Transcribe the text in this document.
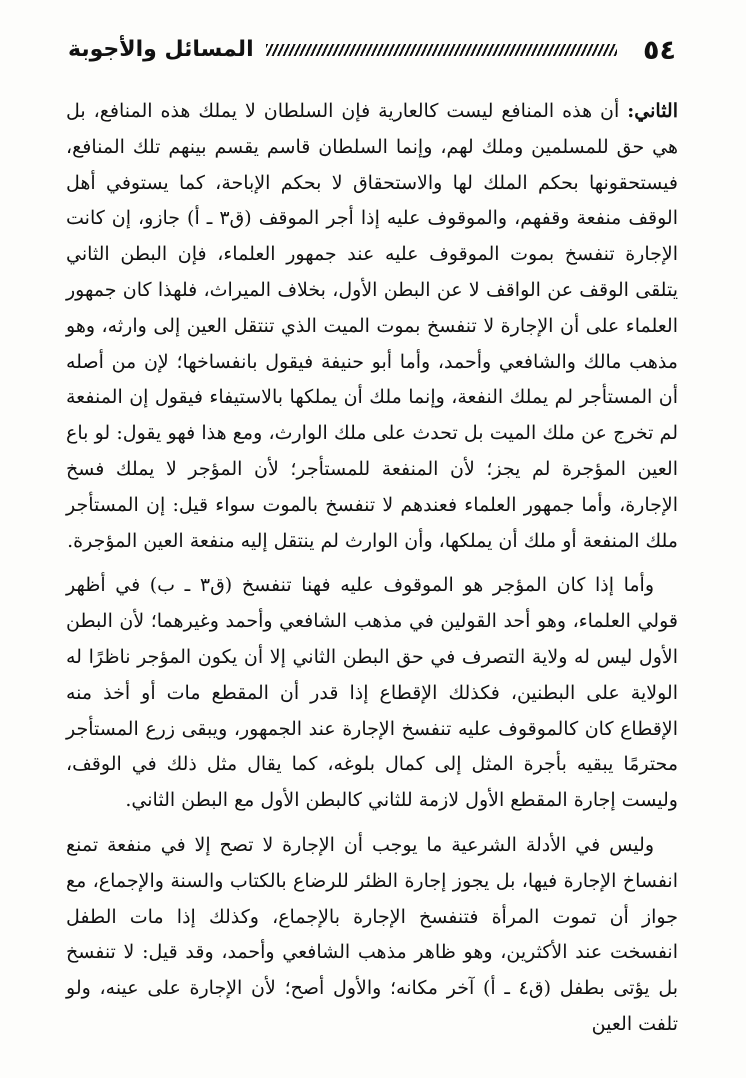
٥٤
المسائل والأجوبة

الثاني: أن هذه المنافع ليست كالعارية فإن السلطان لا يملك هذه المنافع، بل هي حق للمسلمين وملك لهم، وإنما السلطان قاسم يقسم بينهم تلك المنافع، فيستحقونها بحكم الملك لها والاستحقاق لا بحكم الإباحة، كما يستوفي أهل الوقف منفعة وقفهم، والموقوف عليه إذا أجر الموقف (ق٣ ـ أ) جازو، إن كانت الإجارة تنفسخ بموت الموقوف عليه عند جمهور العلماء، فإن البطن الثاني يتلقى الوقف عن الواقف لا عن البطن الأول، بخلاف الميراث، فلهذا كان جمهور العلماء على أن الإجارة لا تنفسخ بموت الميت الذي تنتقل العين إلى وارثه، وهو مذهب مالك والشافعي وأحمد، وأما أبو حنيفة فيقول بانفساخها؛ لإن من أصله أن المستأجر لم يملك النفعة، وإنما ملك أن يملكها بالاستيفاء فيقول إن المنفعة لم تخرج عن ملك الميت بل تحدث على ملك الوارث، ومع هذا فهو يقول: لو باع العين المؤجرة لم يجز؛ لأن المنفعة للمستأجر؛ لأن المؤجر لا يملك فسخ الإجارة، وأما جمهور العلماء فعندهم لا تنفسخ بالموت سواء قيل: إن المستأجر ملك المنفعة أو ملك أن يملكها، وأن الوارث لم ينتقل إليه منفعة العين المؤجرة.

وأما إذا كان المؤجر هو الموقوف عليه فهنا تنفسخ (ق٣ ـ ب) في أظهر قولي العلماء، وهو أحد القولين في مذهب الشافعي وأحمد وغيرهما؛ لأن البطن الأول ليس له ولاية التصرف في حق البطن الثاني إلا أن يكون المؤجر ناظرًا له الولاية على البطنين، فكذلك الإقطاع إذا قدر أن المقطع مات أو أخذ منه الإقطاع كان كالموقوف عليه تنفسخ الإجارة عند الجمهور، ويبقى زرع المستأجر محترمًا يبقيه بأجرة المثل إلى كمال بلوغه، كما يقال مثل ذلك في الوقف، وليست إجارة المقطع الأول لازمة للثاني كالبطن الأول مع البطن الثاني.

وليس في الأدلة الشرعية ما يوجب أن الإجارة لا تصح إلا في منفعة تمنع انفساخ الإجارة فيها، بل يجوز إجارة الظئر للرضاع بالكتاب والسنة والإجماع، مع جواز أن تموت المرأة فتنفسخ الإجارة بالإجماع، وكذلك إذا مات الطفل انفسخت عند الأكثرين، وهو ظاهر مذهب الشافعي وأحمد، وقد قيل: لا تنفسخ بل يؤتى بطفل (ق٤ ـ أ) آخر مكانه؛ والأول أصح؛ لأن الإجارة على عينه، ولو تلفت العين
